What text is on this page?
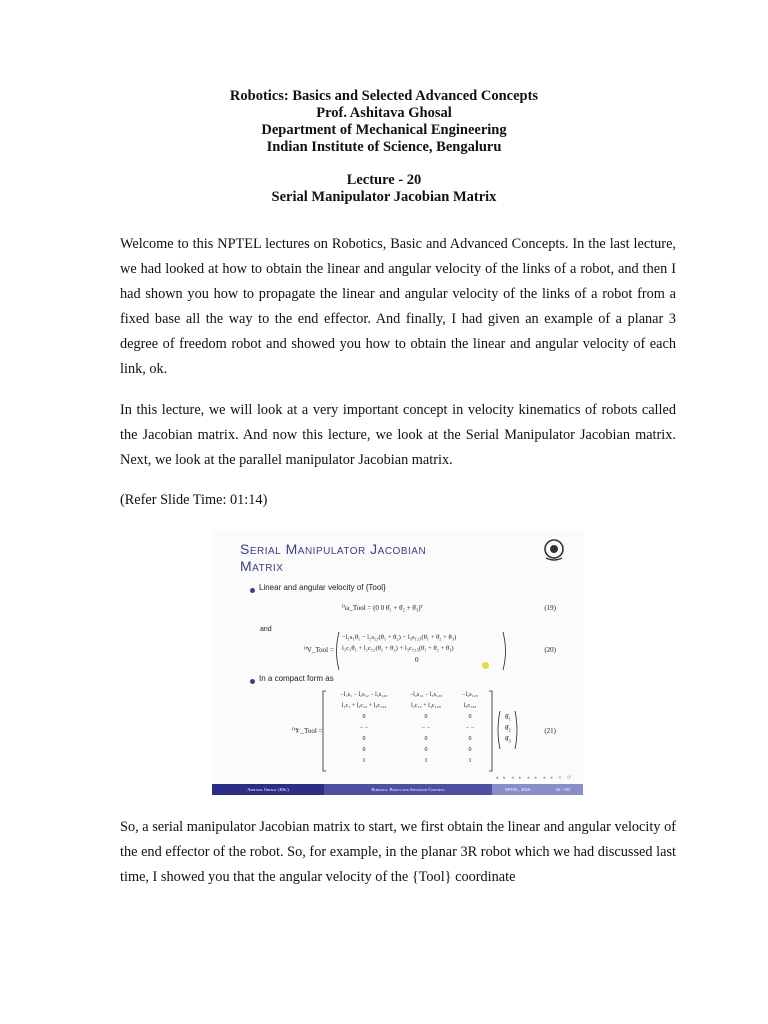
Robotics: Basics and Selected Advanced Concepts
Prof. Ashitava Ghosal
Department of Mechanical Engineering
Indian Institute of Science, Bengaluru
Lecture - 20
Serial Manipulator Jacobian Matrix
Welcome to this NPTEL lectures on Robotics, Basic and Advanced Concepts. In the last lecture, we had looked at how to obtain the linear and angular velocity of the links of a robot, and then I had shown you how to propagate the linear and angular velocity of the links of a robot from a fixed base all the way to the end effector. And finally, I had given an example of a planar 3 degree of freedom robot and showed you how to obtain the linear and angular velocity of each link, ok.
In this lecture, we will look at a very important concept in velocity kinematics of robots called the Jacobian matrix. And now this lecture, we look at the Serial Manipulator Jacobian matrix. Next, we look at the parallel manipulator Jacobian matrix.
(Refer Slide Time: 01:14)
Serial Manipulator Jacobian
Matrix
Linear and angular velocity of {Tool}
⁰ω_Tool = (0 0 θ̇₁ + θ̇₂ + θ̇₃)ᵀ	(19)
and
⁰V_Tool =
−l₁s₁θ̇₁ − l₂s₁₂(θ̇₁ + θ̇₂) − l₃s₁₂₃(θ̇₁ + θ̇₂ + θ̇₃)
l₁c₁θ̇₁ + l₂c₁₂(θ̇₁ + θ̇₂) + l₃c₁₂₃(θ̇₁ + θ̇₂ + θ̇₃)
0
(20)
In a compact form as
⁰𝒱_Tool =
−l₁s₁ − l₂s₁₂ − l₃s₁₂₃	−l₂s₁₂ − l₃s₁₂₃	−l₃s₁₂₃
l₁c₁ + l₂c₁₂ + l₃c₁₂₃	l₂c₁₂ + l₃c₁₂₃	l₃c₁₂₃
0	0	0
− −	− −	− −
0	0	0
0	0	0
1	1	1
θ̇₁
θ̇₂
θ̇₃
(21)
◂ ▸ ◂ ▸ ◂ ▸ ◂ ▸ ≡ ↺
Ashitava Ghosal (IISc)	Robotics: Basics and Advanced Concepts	NPTEL, 2020	26 / 103
So, a serial manipulator Jacobian matrix to start, we first obtain the linear and angular velocity of the end effector of the robot. So, for example, in the planar 3R robot which we had discussed last time, I showed you that the angular velocity of the {Tool} coordinate
